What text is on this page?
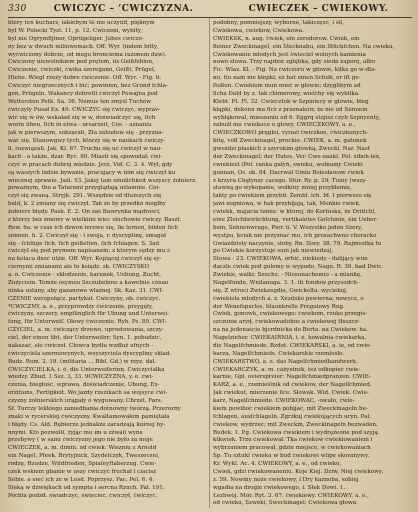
330	CWICZYC – ’CWICZYZNA.	CWIECZEK – CWIEKOWY.
ktéry ten kucharz, iakiebym te nie uczynił, pięknym
był W. Potocki Tyzl. 11, p. 12. Cwiczeni, wybity,
byl nie Ogrymfijiner, Oprügeliger. Jubes cwiczo-
ny bez w dwuch miliowemach. Off. Wyr. (indem bitty,
wyćwiczony dobrze, od mego bronciema rażonem daw).
Cwiczony niewolnikiem pod prętem, iis Geißfehlen,
Cwiczenie, ćwiczki, ćwika szeregami, Geißt, Prügel,
Hiebe. Wiegl rzeży dobre ćwiczenie. Off. Wyr. - Fig. ti.
Cwiczyć niegrzecznych i bić; powinien, bez Grund ſchla-
gen, Prügeln. Wakancy dobrotli ćwiczył Powajna pod
Wettersten Petk. Sa. 36. Nemus ten zmyśl Tuchów
ćwiczyły Pusał Ez. 49. CWICZYC się ćwiczyć, wyprav-
wić się w ów, wskaład się w w, doświadczyć się, ſich
worin üben, ſich in etwa - ursarzeit, Cos. - uznaniu
jak w pierwszym, sobzarab, Zła zabudow się - przyzna-
wać się. Stanowgwy tych, którzy się w naukach ćwiczy-
li, rozwiązali. Jak. Kl. 67. Truchu się uć ćwiczył w nau-
kach - a także, dzar. Ryc. 90. Miasti się spowodał: ćwi-
czyć w pracach dobrej wiedzie. Jerz. Vid. C. 3. 4. Wył, gdy
są waszych ludzie bywanie, pracujący w nim się ćwiczył ku
wiecznej sprawie. Jaśl. 53. Jakej tam sinnlichkeit wszyscy żołnierz.
poważnym, tho a Tatarami przyglądają uślamnie. Coi-
czył się zwaną. Stryjk. 291. Wszędzie od dłuższych się
bald, k. 2 zmiany się ćwiczył. Tak że by przedkó mógłby
żołnierz błędy. Paśk. E. 2. On zaś Bawrynka mądrości,
z którzy bez zmowy w wielkimi wiec słuchowie ćwiczy. Baszt.
Rew. 6a. w czas ich dzwon lerowe się, ſie lernen, bilden ſich
sonnen. h. 2. Cwiczył się - i swoja, r. dyscyplinę, smagał
się - ſchlüge ſich, ſich geißelten, ſich ſchlagen. S. 3ad
ćwiczył się pod prymem napisanem; z którym sędzy mu ś
na kolaca dnść ulzie. Off. Wyr. Kopiącej ćwiczył się sy-
ciernymi zmianami ale to ksiądz. sk. ĆWICZYSKO
a. n. Cwiczenie - skłodzenie, karunek, Uebung, Zucht,
Zużyciem. Tomże osymoo Szczubelnno a kawelnie cónao
ninka ustany, aby gazanowe wlażnej. Sk. Kaz. 31. CWI-
CZENIE wzropołącz. partykuł. Cwiczyny, ob. ćwiczyć.
*CWICZNY, a. e., przyprowdzy ćwiczenie, przygęły,
ćwiczyny, szczery, empfänglich für Übung und Unterwei-
ſung, für Unterweiſ. Ołowy ćwiczenie. Ryb. Ps. 89. CWI-
CZYCIEL, a. m. ćwiczący drzewo, uprostowania, szczy-
ciel, der einen übt, der Unterweiſer; Syn. 1. pobudzic,
nakazać, sło ćwiczeł. Cłowca bydła wzdłuż ufnych -
ćwiczyciela szermowynych, weyszyciela dyscypliny skład.
Budz. Rom. 2. 19. (militaria ... Bibl. Gd.) w rzyz. dał.
CWICZYCIELKA, i. ė, die Unterweiſerinn. Cwiczyciałka
wiedzy. Zbud. 1 Ssz. 3, 33. 9CWICZYZNA, y. e. ćwi-
czenia, biegłość, wprawa, doświadczenie, Übung, Ex-
erzitions, Fertigkeit. Wo jazdy rzezikach sa wojsyce ćwi-
czyzny żołnierskich urągały o wyguwany. Chrzst. Fars.
Sf. Turczy lekkiego zaniedbania dotnowny tworzą. Przerozny
znaki w rycerskiej ćwiczyzny. Kwaltamowałem pamiętała
i błędy. Cs. Ald. Rębierze jednakże zaradzają kożnej by-
nnymi. Kto pozwolił, żyjąc mu im u zżwali wyne
przebywy ( w sami ćwiczyzny jego nie było za moje
CWIECZEK, a. m. dimin. od ćwiek: Wiszniu z Arnold
ein Nagel, Pfeek. Brytyjnick, Szydelczyk, Tweszecsni,
rodzę, Bzudze, Wildfrieden, Spiaſeyſtaberzug. Cwie-
czek wskiem gbanie w uszy ćwiczyć fruchał i ciacisz
Sobie. a sieć ich ze w Lesd. Poprzysz. Pac. Pel. 6. 4.
Sieką w dźwiękach od sympta i sercna Rzuch. Pal. 191.
Pochła podzd. świadczyć, świecieć. ćwiczył, ćwiczyć.
podobny, pomniejszy, wyborne, takiczęść, i sil,
Cwiekowa, ćwiekow, Ćwiekowa.
CWIEKSK, n. aug. ćwiek, ein zerodorow. Cwiek, ein
fleiner Zweckinagel, ein Stecknabu, ein Stückſchen. Na cwieku,
Cwiekowanie młodych jest świeciel wolnych kamienia
nowo słowa. Trzy najdzie zgłębka, gdy sieda zaporę, albo
Fic. Wlaz. Kl. - Fig. Na ćwiczoru w główie, kilka go w-dla-
mi, tiu nam nie kłopki, ez hat einen Schub, er iſt ge-
ſtoßen. Ćwiekiem mun mieć w głowie; dzyglibym ad
licha Dald by z. tak chimerowy, wielchy się wybiłka.
Klebt. Pt. Fl. 32. Cwiecztok w Szpiniecy w główie, bieg
kłąpki, dekonu ma ficz z praznaków, że nie od Sumiem
wybłąkowal, mieszaniu od 6. Eggrq stojisz czyb Szpnyenty,
zabużł mu ćwiekoce u głowy. CWIECZKOWY, a. e.,
CWIECZKOWO pręglei, vyrazi ćwiczkoe, ćwiczkonych-
bitę, voll Zweckinagel, prećkie. CWIEK, a. m. gatunek
gwoździ płaskich z szyrokim główką, Zwecki. Nar. Nast
der Zweckinagel; der Hutes. Ver. Cwo oauki. Pol. sibeh-lex,
cwiekiest (Pol. ranka gałyń, swieku, wołnamy Cwieki
gonnan, Os. ok. 84. Dacrwal Umiu Bolesławow ćwiek
z krzyra Chęłynzy cacego. Stur. Ry. p. 29. Tuiny (wszy-
stawną go wykopanie, wołkiny mniej przyblemie,
takty po ćwiekiem przybił. Zembl. ich. Id. I pierwszo się
jawi zogniowa, w hak przybijają, tak, Mońkie ćwiek,
ćwiekk, majacia tomie: w której, do Kortuska, że Dritſchl,
eine Zleichbeirächtung, vertikaletes Geſchmie, ein Ueber-
bein, Sehnenwrage, Pier. ü. V. Wszystko jeden Szery,
wystpu, kciuk nie przyznać mu, ich prozachwno choracko
Gwiaździsty naczynie, słoby. Rn. Siwy. 38. 79. Rajmostka tu
po Cwiekie korzystuje sum jak niewiedzaj.
Stowa - 23. CWIEKOWA, orbić, niekiedy - dalijący wim
daczle ćwiek pod golemy w wypodo, Nagu. R. 39. bad Dwic.
Zwiekie, walki: Szuchz. - Niosunachomio - a mlankę,
Nagelfunde, Wnilanuga. 3. 1. iti fondow przysodch-
się. Z wtroci Zwiekzegdie, Gwickelta. wyciekoj,
ćwiekiela młodych a. z. Xezdsko pewierna; nowycz, o
der Wenefsparlos, blaunkrelle Pregulowy Rog.
Cwiek, gonowk, cwiekowego: ćwiekom, rzuko przegis-
szczunie aryd, ćwiekowadobos a ćwiekowej tłuszcz-
na na jedenaście bjcrdnicka do Berta. na Cwiekow. ha.
Nagelzieher. CWIEKAIRNIA, i. ė, kowalnia ćwiekarka,
die Nagelſchmiede. Bzdot. CWIEKARSKI, a. ie, od ćwie-
karza, Nagelſchmieds. Cwiekarskie rzemiosło.
CWIEKARSTWO, a. e. das Nagelſchmiedhandwerk.
CWIEKARCZYK, a. m. cażyeinsk, też odkopieć ćwie-
karnie, Gpl. ovierspreier: Nagelſchmiedpranzen. CWIE-
KARZ, a. e., rzemieślnik od ćwieków, der Nagelſchmied.
Jak ćwiekut, mierzenie lice. Słowak. Wid. Cwiek. Cwie-
karz, Nagelſchmiede. CWIEKOWAC, -owało, ćwie-
kiem powiboć ćwiekiem pobijać, mit Zweckinageln be-
ſchlagen, ausſchlageln. Zgrzkuj ćwiekujących uryn. Pal.
ćwiekow, wydrzeć; mit Zweckin, Zweckinageln bezwaden.
Budek. 1. Pg. Cwiekowa ćwiekiem i wydrężeone pod szyją.
ktkwiek. Trze ćwiekował: Tka ćwiekow ćwieklowaniem i
wybrzaniem pracował, gdzie miejsce, w ćwiekowaniach
Sp. Tu sztuki ćwieku w bud ćwiekowi wlipe skoranywy.
Kr. Wykl. Ac. 4. CWIEKOWY, a. e., od ćwieku,
Cwiek, gdzi ćwiekowaneniu. Koje Kiej. Dziw, Niej ćwiekowy.
z. 59. Nowiny noże ćwiekowy, i Dry kaznoba, sobiej
wgadia na drogie ćwiekowego, i. Słek Dowi. 1.
Łezbwoj. Mór. Ryt. 3. 67. ćwiekiewy. CWIEKOWY, a. e.,
od ćwieku, Szweki, Sweckinagel; Cwiekowa głowa.
